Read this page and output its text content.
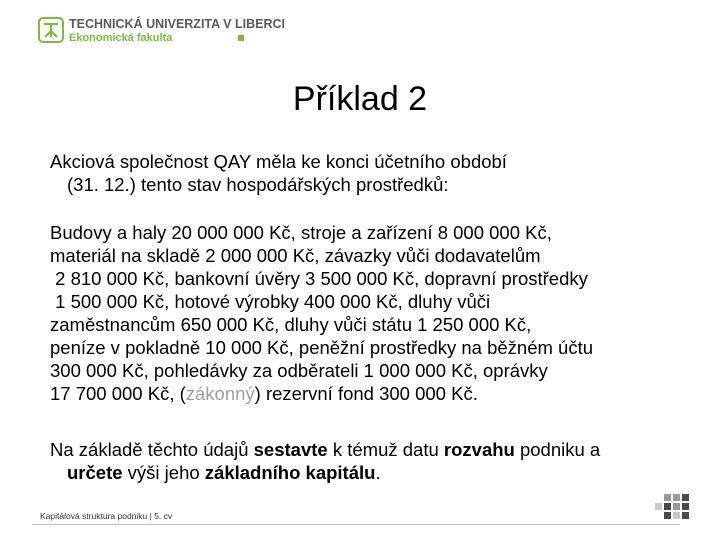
TECHNICKÁ UNIVERZITA V LIBERCI
Ekonomická fakulta
Příklad 2
Akciová společnost QAY měla ke konci účetního období
(31. 12.) tento stav hospodářských prostředků:
Budovy a haly 20 000 000 Kč, stroje a zařízení 8 000 000 Kč,
materiál na skladě 2 000 000 Kč, závazky vůči dodavatelům
2 810 000 Kč, bankovní úvěry 3 500 000 Kč, dopravní prostředky
1 500 000 Kč, hotové výrobky 400 000 Kč, dluhy vůči
zaměstnancům 650 000 Kč, dluhy vůči státu 1 250 000 Kč,
peníze v pokladně 10 000 Kč, peněžní prostředky na běžném účtu
300 000 Kč, pohledávky za odběrateli 1 000 000 Kč, oprávky
17 700 000 Kč, (zákonný) rezervní fond 300 000 Kč.
Na základě těchto údajů sestavte k témuž datu rozvahu podniku a
určete výši jeho základního kapitálu.
Kapitálová struktura podniku | 5. cv
